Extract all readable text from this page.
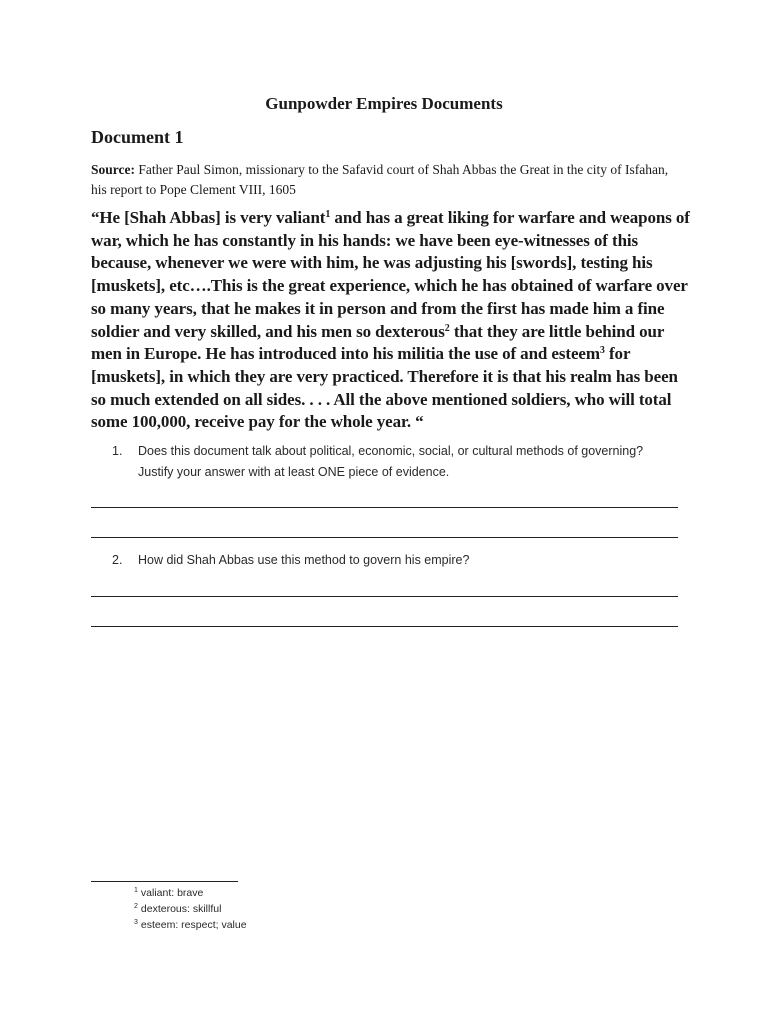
Gunpowder Empires Documents
Document 1
Source: Father Paul Simon, missionary to the Safavid court of Shah Abbas the Great in the city of Isfahan, his report to Pope Clement VIII, 1605
“He [Shah Abbas] is very valiant$^1$ and has a great liking for warfare and weapons of war, which he has constantly in his hands: we have been eye-witnesses of this because, whenever we were with him, he was adjusting his [swords], testing his [muskets], etc….This is the great experience, which he has obtained of warfare over so many years, that he makes it in person and from the first has made him a fine soldier and very skilled, and his men so dexterous$^2$ that they are little behind our men in Europe. He has introduced into his militia the use of and esteem$^3$ for [muskets], in which they are very practiced. Therefore it is that his realm has been so much extended on all sides. . . . All the above mentioned soldiers, who will total some 100,000, receive pay for the whole year. “
1. Does this document talk about political, economic, social, or cultural methods of governing? Justify your answer with at least ONE piece of evidence.
2. How did Shah Abbas use this method to govern his empire?
$^1$ valiant: brave
$^2$ dexterous: skillful
$^3$ esteem: respect; value
